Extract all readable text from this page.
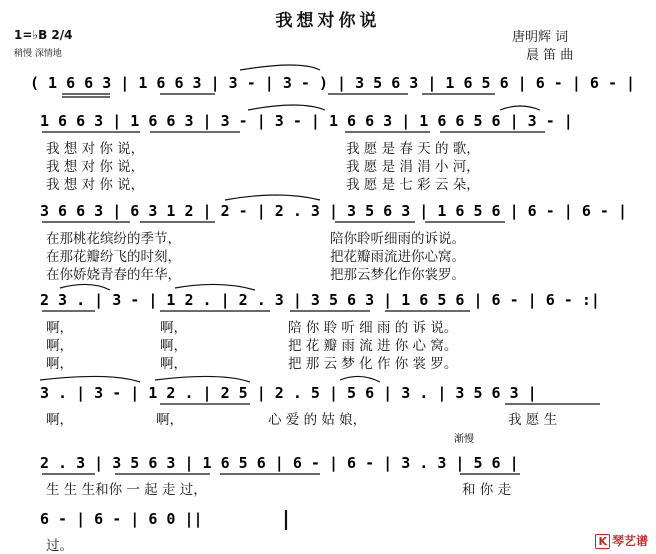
我想对你说
1=♭B 2/4
稍慢 深情地
唐明辉 词
晨 笛 曲
( 1 6 6 3 | 1 6 6 3 | 3 - | 3 - ) | 3 5 6 3 | 1 6 5 6 | 6 - | 6 - |
1 6 6 3 | 1 6 6 3 | 3 - | 3 - | 1 6 6 3 | 1 6 6 5 6 | 3 - |
3 6 6 3 | 6 3 1 2 | 2 - | 2 . 3 | 3 5 6 3 | 1 6 5 6 | 6 - | 6 - |
2 3 . | 3 - | 1 2 . | 2 . 3 | 3 5 6 3 | 1 6 5 6 | 6 - | 6 - :|
3 . | 3 - | 1 2 . | 2 5 | 2 . 5 | 5 6 | 3 . | 3 5 6 3 |
2 . 3 | 3 5 6 3 | 1 6 5 6 | 6 - | 6 - | 3 . 3 | 5 6 |
渐慢
6 - | 6 - | 6 0 ||
我 想 对 你 说，	我 愿 是 春 天 的 歌，
我 想 对 你 说，	我 愿 是 涓 涓 小 河，
我 想 对 你 说，	我 愿 是 七 彩 云 朵，
在那桃花缤纷的季节，	陪你聆听细雨的诉说。
在那花瓣纷飞的时刻，	把花瓣雨流进你心窝。
在你娇娆青春的年华，	把那云梦化作你裳罗。
啊，	啊，	陪 你 聆 听 细 雨 的 诉 说。
啊，	啊，	把 花 瓣 雨 流 进 你 心 窝。
啊，	啊，	把 那 云 梦 化 作 你 裳 罗。
啊，	啊，	心 爱 的 姑 娘，	我 愿 生
生 生 生和你 一 起 走 过，	和 你 走
过。	K 琴艺谱
